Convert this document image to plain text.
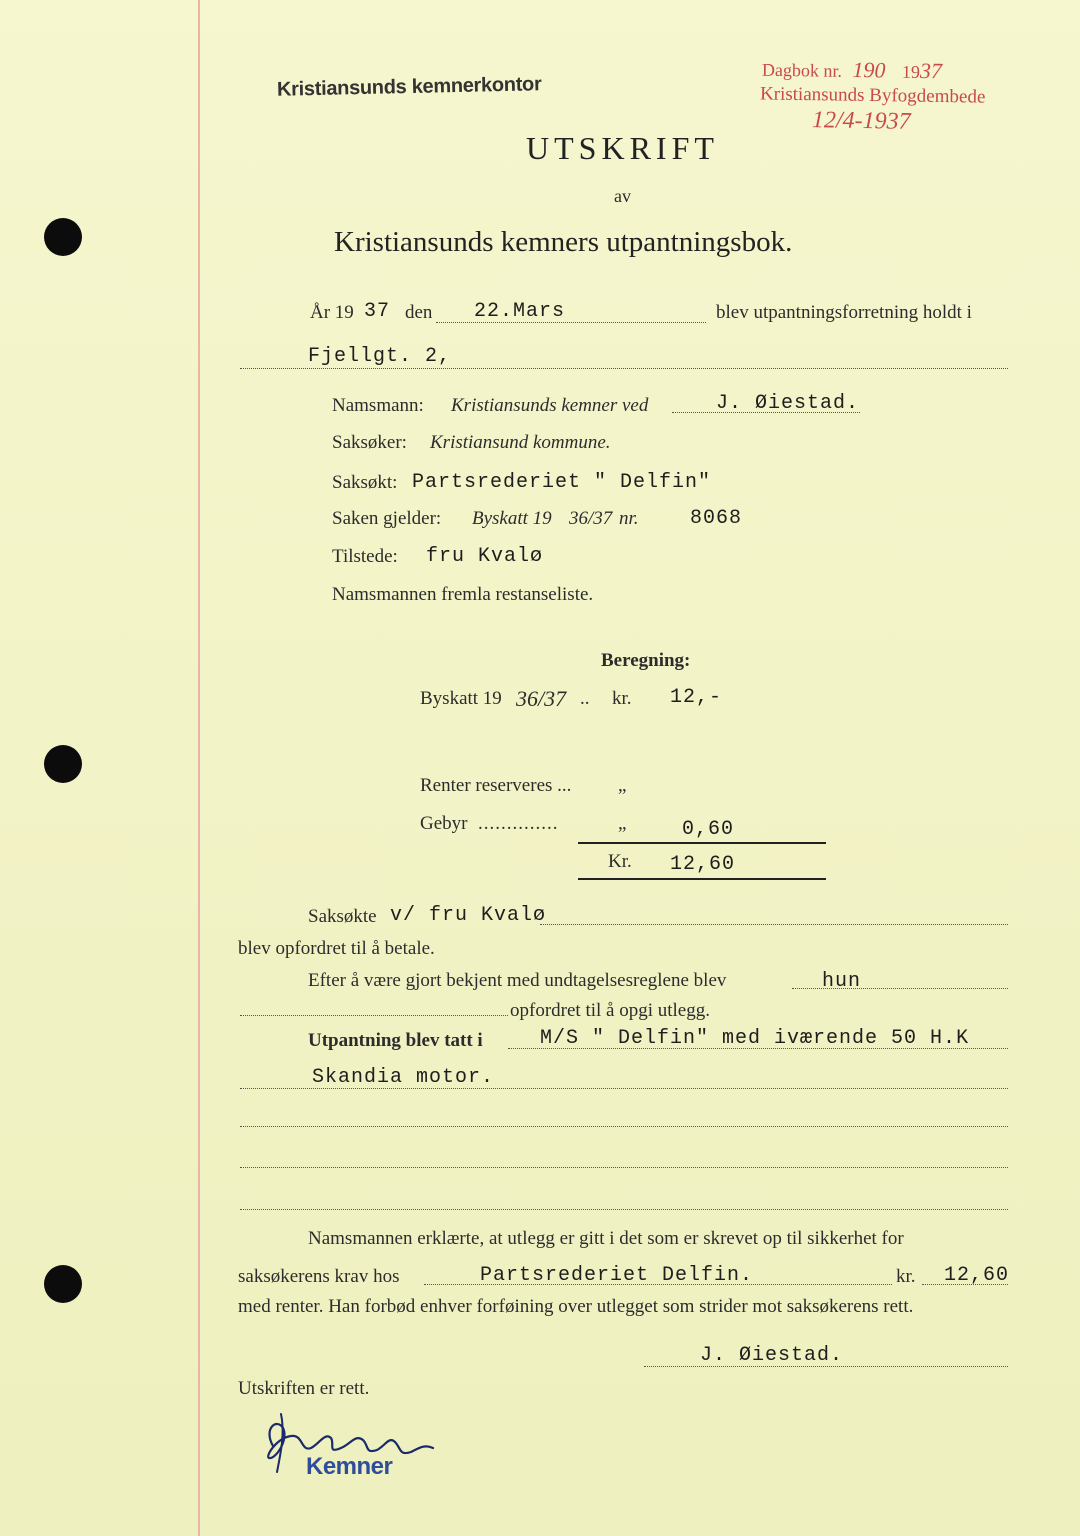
Kristiansunds kemnerkontor
Dagbok nr. 190 1937
Kristiansunds Byfogdembede
12/4-1937
UTSKRIFT
av
Kristiansunds kemners utpantningsbok.
År 19 37 den 22.Mars	blev utpantningsforretning holdt i
Fjellgt. 2,
Namsmann: Kristiansunds kemner ved	J. Øiestad.
Saksøker: Kristiansund kommune.
Saksøkt: Partsrederiet " Delfin"
Saken gjelder: Byskatt 19 36/37 nr.	8068
Tilstede: fru Kvalø
Namsmannen fremla restanseliste.
Beregning:
Byskatt 19 36/37 .. kr. 12,-
Renter reserveres ... „
Gebyr ..............	„	0,60
Kr. 12,60
Saksøkte v/ fru Kvalø
blev opfordret til å betale.
Efter å være gjort bekjent med undtagelsesreglene blev	hun
opfordret til å opgi utlegg.
Utpantning blev tatt i	M/S " Delfin" med iværende 50 H.K
Skandia motor.
Namsmannen erklærte, at utlegg er gitt i det som er skrevet op til sikkerhet for
saksøkerens krav hos	Partsrederiet Delfin.	kr. 12,60
med renter. Han forbød enhver forføining over utlegget som strider mot saksøkerens rett.
J. Øiestad.
Utskriften er rett.
Kemner
